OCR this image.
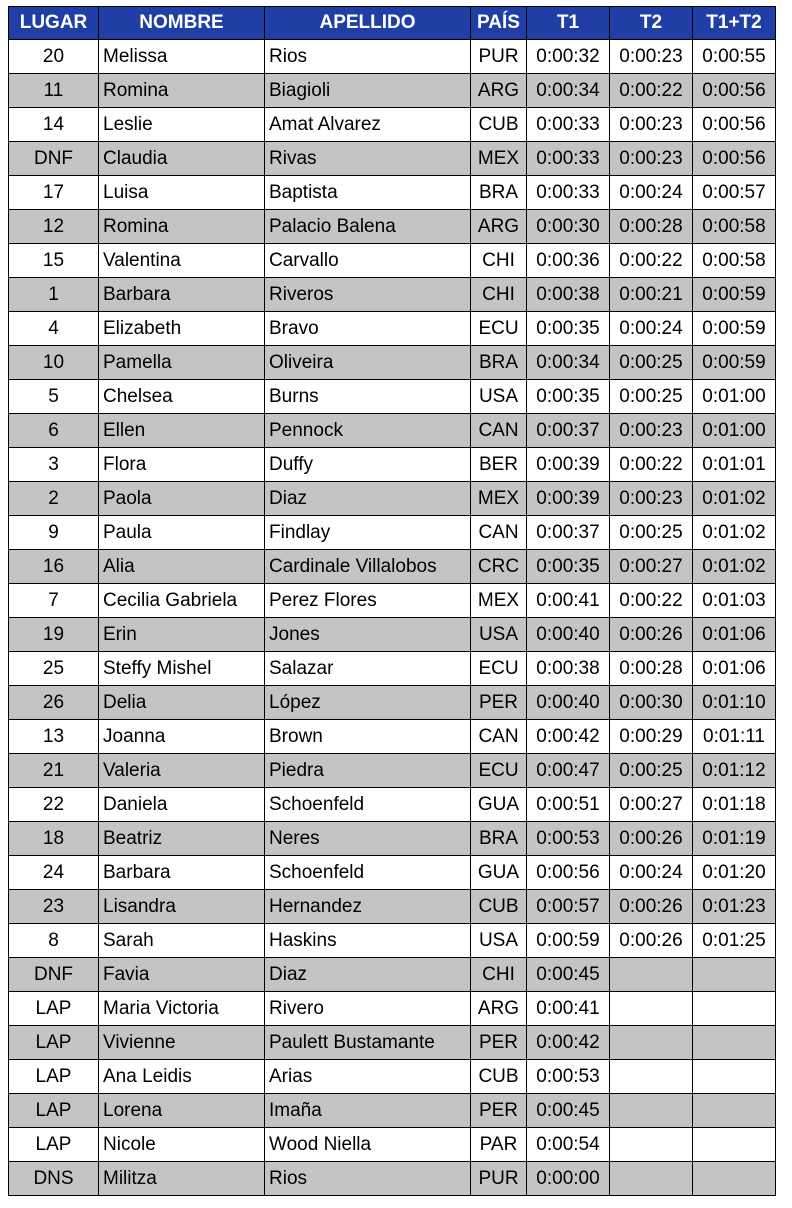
LUGAR	NOMBRE	APELLIDO	PAÍS	T1	T2	T1+T2
20	Melissa	Rios	PUR	0:00:32	0:00:23	0:00:55
11	Romina	Biagioli	ARG	0:00:34	0:00:22	0:00:56
14	Leslie	Amat Alvarez	CUB	0:00:33	0:00:23	0:00:56
DNF	Claudia	Rivas	MEX	0:00:33	0:00:23	0:00:56
17	Luisa	Baptista	BRA	0:00:33	0:00:24	0:00:57
12	Romina	Palacio Balena	ARG	0:00:30	0:00:28	0:00:58
15	Valentina	Carvallo	CHI	0:00:36	0:00:22	0:00:58
1	Barbara	Riveros	CHI	0:00:38	0:00:21	0:00:59
4	Elizabeth	Bravo	ECU	0:00:35	0:00:24	0:00:59
10	Pamella	Oliveira	BRA	0:00:34	0:00:25	0:00:59
5	Chelsea	Burns	USA	0:00:35	0:00:25	0:01:00
6	Ellen	Pennock	CAN	0:00:37	0:00:23	0:01:00
3	Flora	Duffy	BER	0:00:39	0:00:22	0:01:01
2	Paola	Diaz	MEX	0:00:39	0:00:23	0:01:02
9	Paula	Findlay	CAN	0:00:37	0:00:25	0:01:02
16	Alia	Cardinale Villalobos	CRC	0:00:35	0:00:27	0:01:02
7	Cecilia Gabriela	Perez Flores	MEX	0:00:41	0:00:22	0:01:03
19	Erin	Jones	USA	0:00:40	0:00:26	0:01:06
25	Steffy Mishel	Salazar	ECU	0:00:38	0:00:28	0:01:06
26	Delia	López	PER	0:00:40	0:00:30	0:01:10
13	Joanna	Brown	CAN	0:00:42	0:00:29	0:01:11
21	Valeria	Piedra	ECU	0:00:47	0:00:25	0:01:12
22	Daniela	Schoenfeld	GUA	0:00:51	0:00:27	0:01:18
18	Beatriz	Neres	BRA	0:00:53	0:00:26	0:01:19
24	Barbara	Schoenfeld	GUA	0:00:56	0:00:24	0:01:20
23	Lisandra	Hernandez	CUB	0:00:57	0:00:26	0:01:23
8	Sarah	Haskins	USA	0:00:59	0:00:26	0:01:25
DNF	Favia	Diaz	CHI	0:00:45		
LAP	Maria Victoria	Rivero	ARG	0:00:41		
LAP	Vivienne	Paulett Bustamante	PER	0:00:42		
LAP	Ana Leidis	Arias	CUB	0:00:53		
LAP	Lorena	Imaña	PER	0:00:45		
LAP	Nicole	Wood Niella	PAR	0:00:54		
DNS	Militza	Rios	PUR	0:00:00		
